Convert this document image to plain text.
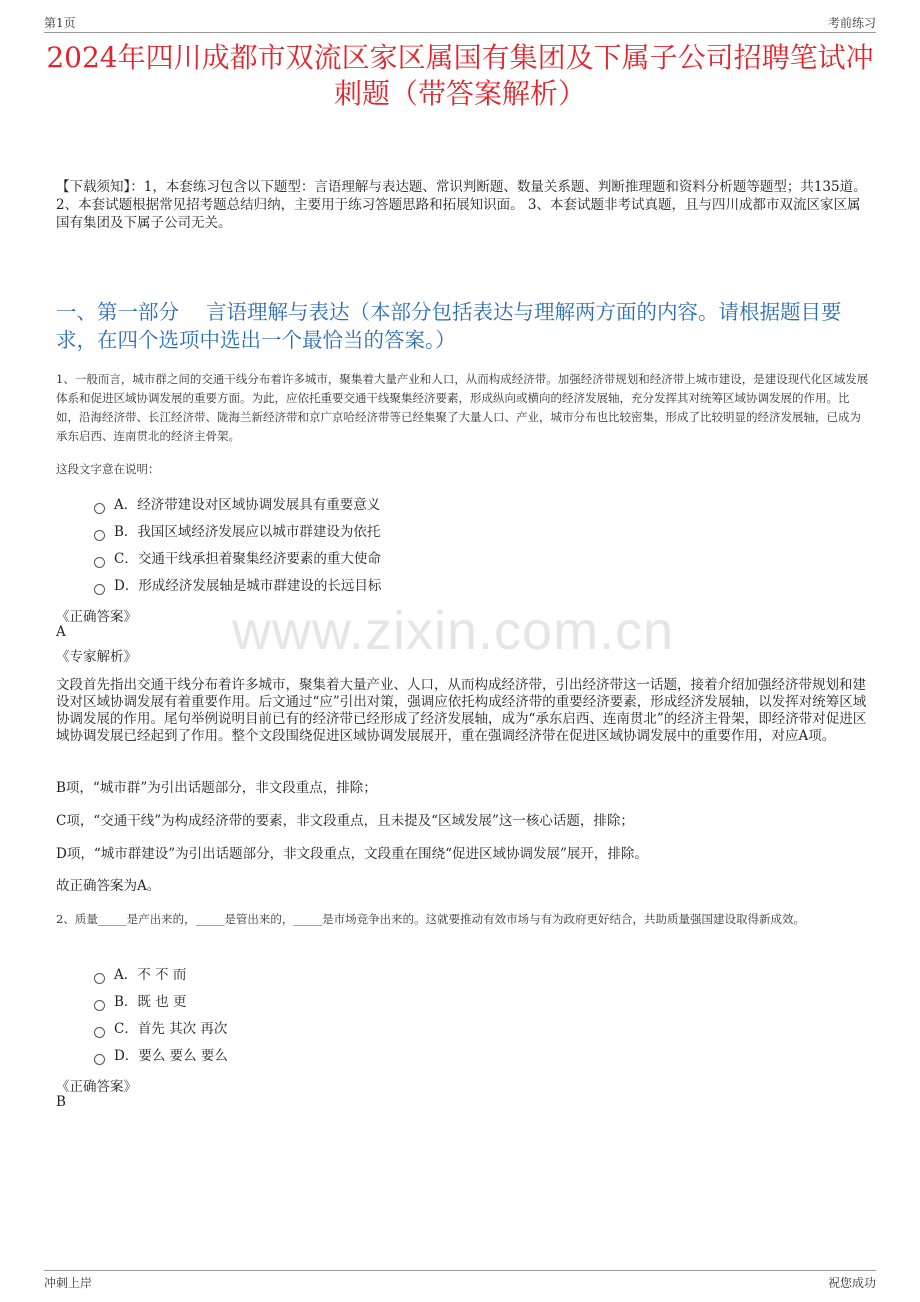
第1页	考前练习
2024年四川成都市双流区家区属国有集团及下属子公司招聘笔试冲刺题（带答案解析）
【下载须知】：1，本套练习包含以下题型：言语理解与表达题、常识判断题、数量关系题、判断推理题和资料分析题等题型；共135道。 2、本套试题根据常见招考题总结归纳，主要用于练习答题思路和拓展知识面。 3、本套试题非考试真题，且与四川成都市双流区家区属国有集团及下属子公司无关。
一、第一部分　 言语理解与表达（本部分包括表达与理解两方面的内容。请根据题目要求，在四个选项中选出一个最恰当的答案。）
1、一般而言，城市群之间的交通干线分布着许多城市，聚集着大量产业和人口，从而构成经济带。加强经济带规划和经济带上城市建设，是建设现代化区域发展体系和促进区域协调发展的重要方面。为此，应依托重要交通干线聚集经济要素，形成纵向或横向的经济发展轴，充分发挥其对统筹区域协调发展的作用。比如，沿海经济带、长江经济带、陇海兰新经济带和京广京哈经济带等已经集聚了大量人口、产业，城市分布也比较密集，形成了比较明显的经济发展轴，已成为承东启西、连南贯北的经济主骨架。
这段文字意在说明：
A．经济带建设对区域协调发展具有重要意义
B．我国区域经济发展应以城市群建设为依托
C．交通干线承担着聚集经济要素的重大使命
D．形成经济发展轴是城市群建设的长远目标
《正确答案》
A
《专家解析》 www.zixin.com.cn
文段首先指出交通干线分布着许多城市，聚集着大量产业、人口，从而构成经济带，引出经济带这一话题，接着介绍加强经济带规划和建设对区域协调发展有着重要作用。后文通过“应”引出对策，强调应依托构成经济带的重要经济要素，形成经济发展轴，以发挥对统筹区域协调发展的作用。尾句举例说明目前已有的经济带已经形成了经济发展轴，成为“承东启西、连南贯北”的经济主骨架，即经济带对促进区域协调发展已经起到了作用。整个文段围绕促进区域协调发展展开，重在强调经济带在促进区域协调发展中的重要作用，对应A项。
B项，“城市群”为引出话题部分，非文段重点，排除；
C项，“交通干线”为构成经济带的要素，非文段重点，且未提及“区域发展”这一核心话题，排除；
D项，“城市群建设”为引出话题部分，非文段重点，文段重在围绕“促进区域协调发展”展开，排除。
故正确答案为A。
2、质量_____是产出来的，_____是管出来的，_____是市场竞争出来的。这就要推动有效市场与有为政府更好结合，共助质量强国建设取得新成效。
A．不 不 而
B．既 也 更
C．首先 其次 再次
D．要么 要么 要么
《正确答案》
B
冲刺上岸	祝您成功
